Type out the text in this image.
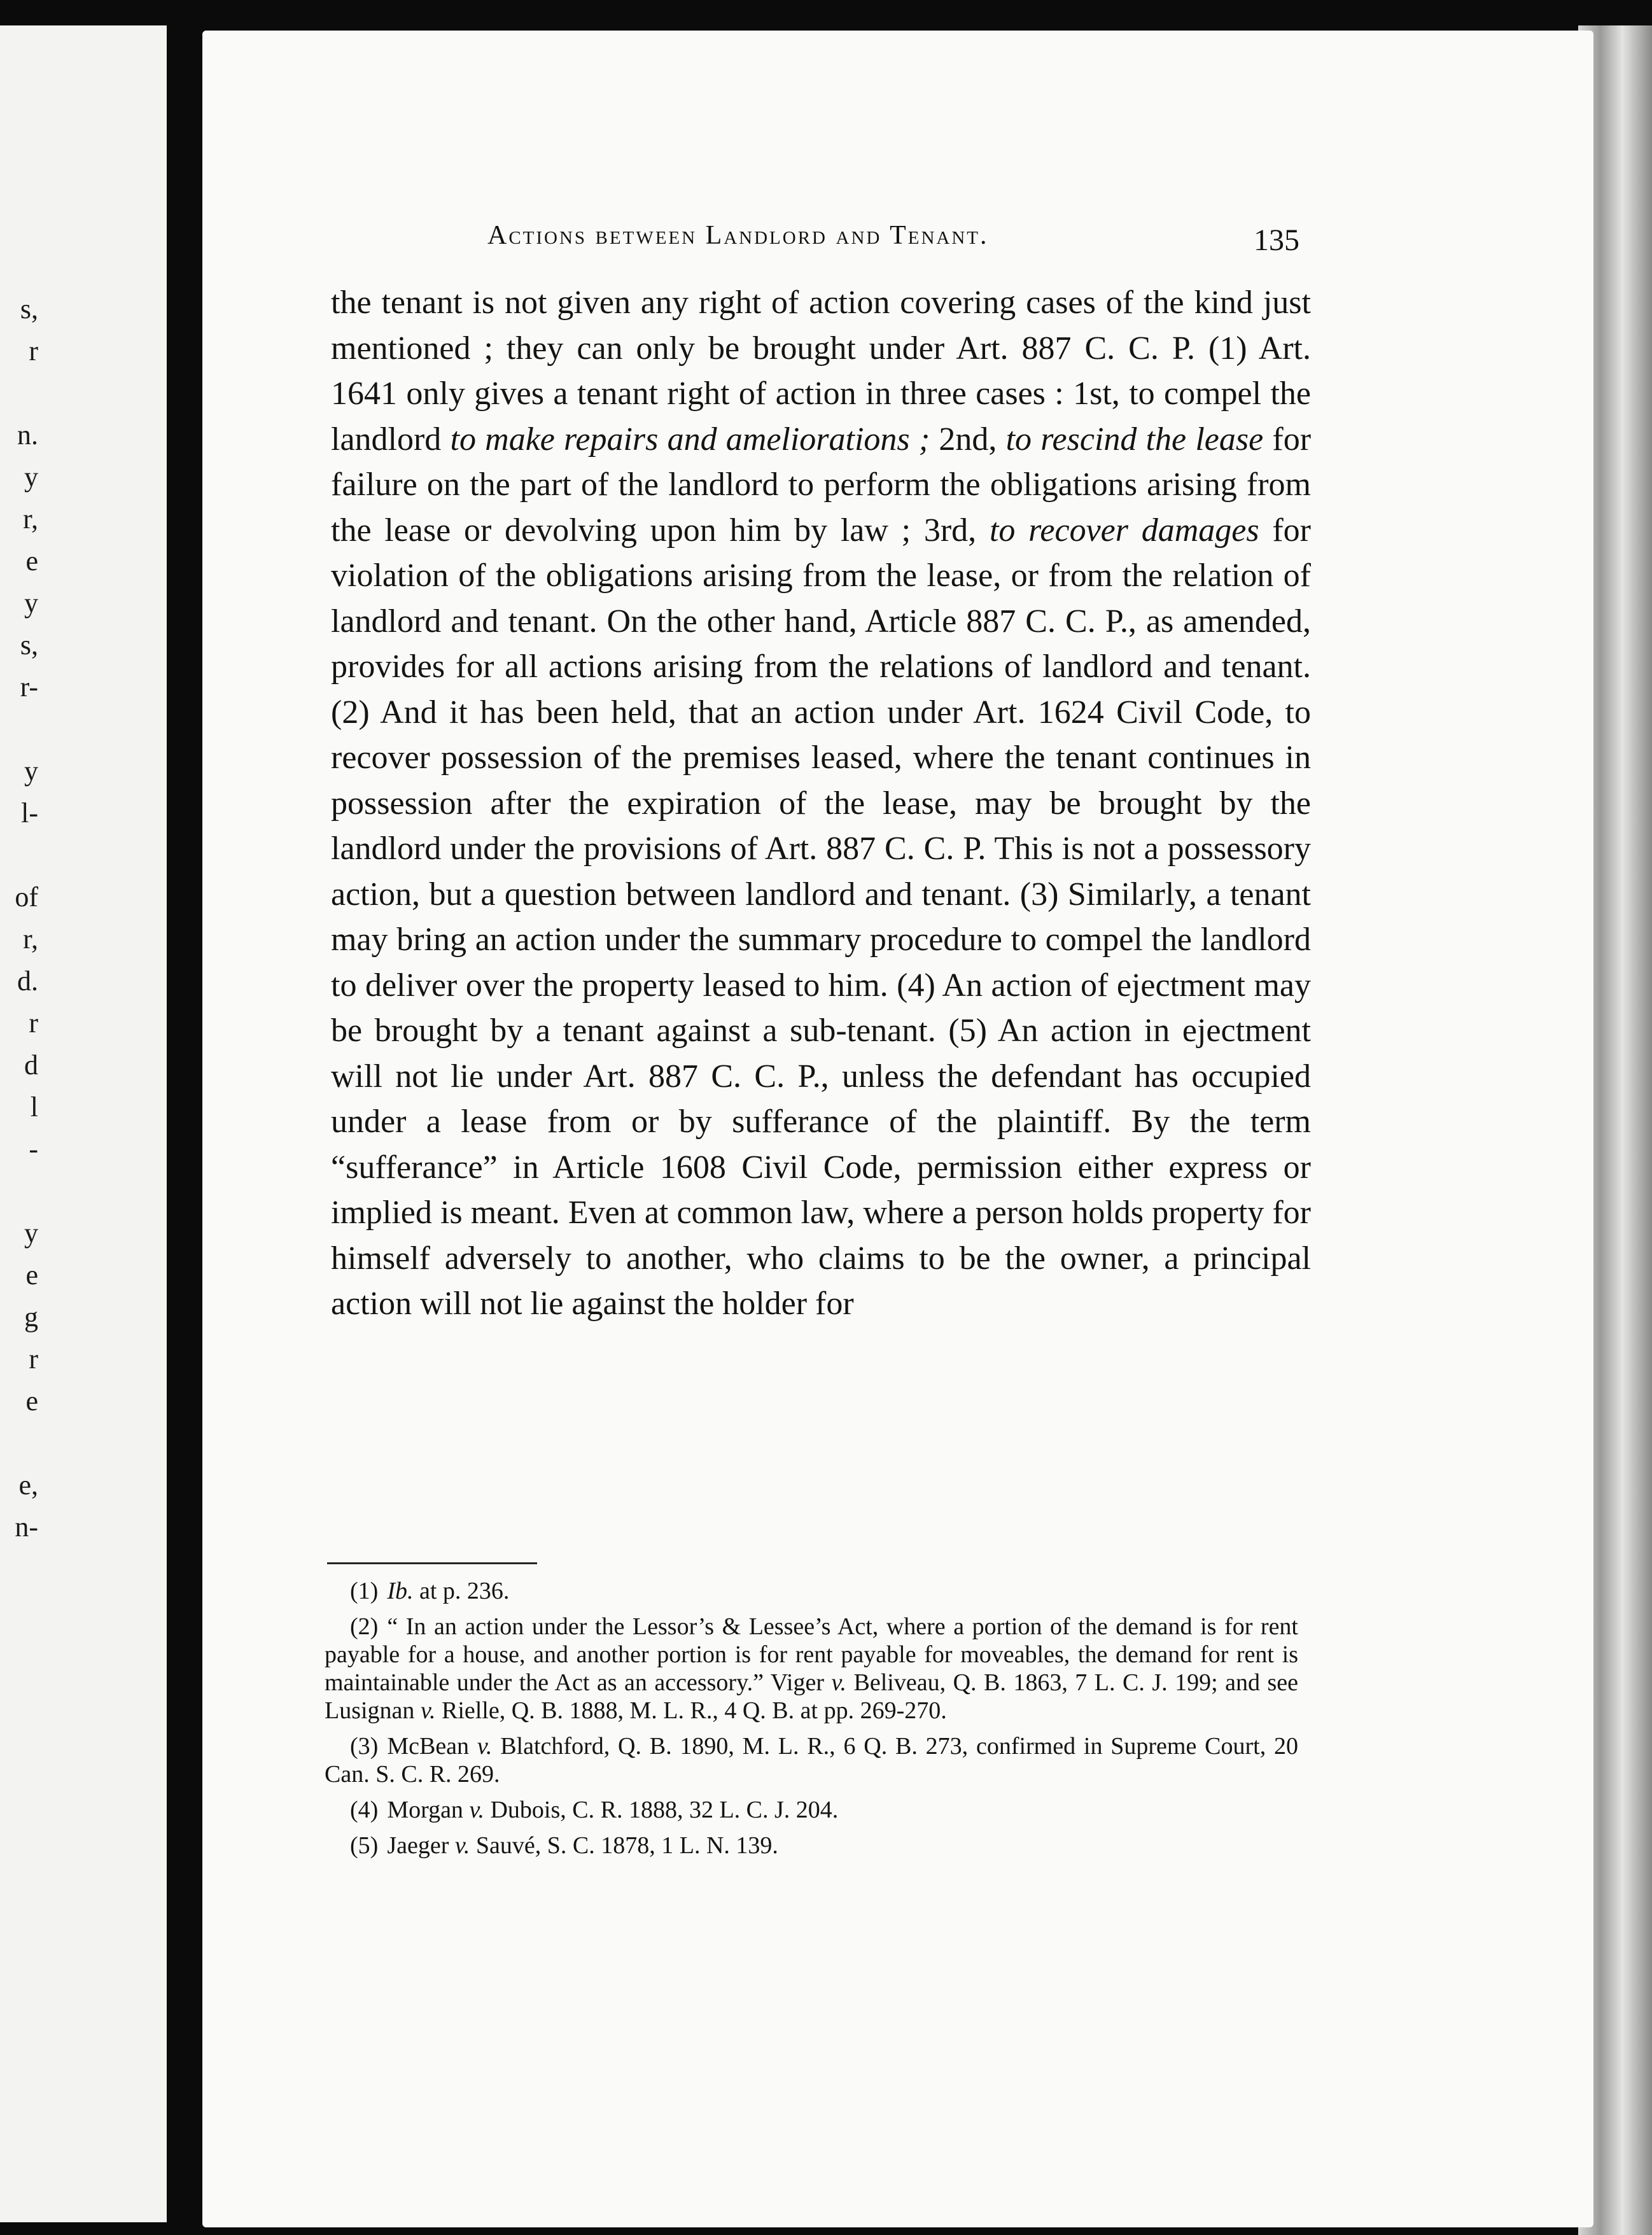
s,
r
n.
y
r,
e
y
s,
r-
y
l-
of
r,
d.
r
d
l
-
y
e
g
r
e
e,
n-
Actions between Landlord and Tenant.	135

the tenant is not given any right of action covering cases of the kind just mentioned ; they can only be brought under Art. 887 C. C. P. (1) Art. 1641 only gives a tenant right of action in three cases : 1st, to compel the landlord to make repairs and ameliorations ; 2nd, to rescind the lease for failure on the part of the landlord to perform the obligations arising from the lease or devolving upon him by law ; 3rd, to recover damages for violation of the obligations arising from the lease, or from the relation of landlord and tenant. On the other hand, Article 887 C. C. P., as amended, provides for all actions arising from the relations of landlord and tenant. (2) And it has been held, that an action under Art. 1624 Civil Code, to recover possession of the premises leased, where the tenant continues in possession after the expiration of the lease, may be brought by the landlord under the provisions of Art. 887 C. C. P. This is not a possessory action, but a question between landlord and tenant. (3) Similarly, a tenant may bring an action under the summary procedure to compel the landlord to deliver over the property leased to him. (4) An action of ejectment may be brought by a tenant against a sub-tenant. (5) An action in ejectment will not lie under Art. 887 C. C. P., unless the defendant has occupied under a lease from or by sufferance of the plaintiff. By the term “sufferance” in Article 1608 Civil Code, permission either express or implied is meant. Even at common law, where a person holds property for himself adversely to another, who claims to be the owner, a principal action will not lie against the holder for

(1) Ib. at p. 236.

(2) “ In an action under the Lessor’s & Lessee’s Act, where a portion of the demand is for rent payable for a house, and another portion is for rent payable for moveables, the demand for rent is maintainable under the Act as an accessory.” Viger v. Beliveau, Q. B. 1863, 7 L. C. J. 199; and see Lusignan v. Rielle, Q. B. 1888, M. L. R., 4 Q. B. at pp. 269-270.

(3) McBean v. Blatchford, Q. B. 1890, M. L. R., 6 Q. B. 273, confirmed in Supreme Court, 20 Can. S. C. R. 269.

(4) Morgan v. Dubois, C. R. 1888, 32 L. C. J. 204.

(5) Jaeger v. Sauvé, S. C. 1878, 1 L. N. 139.
